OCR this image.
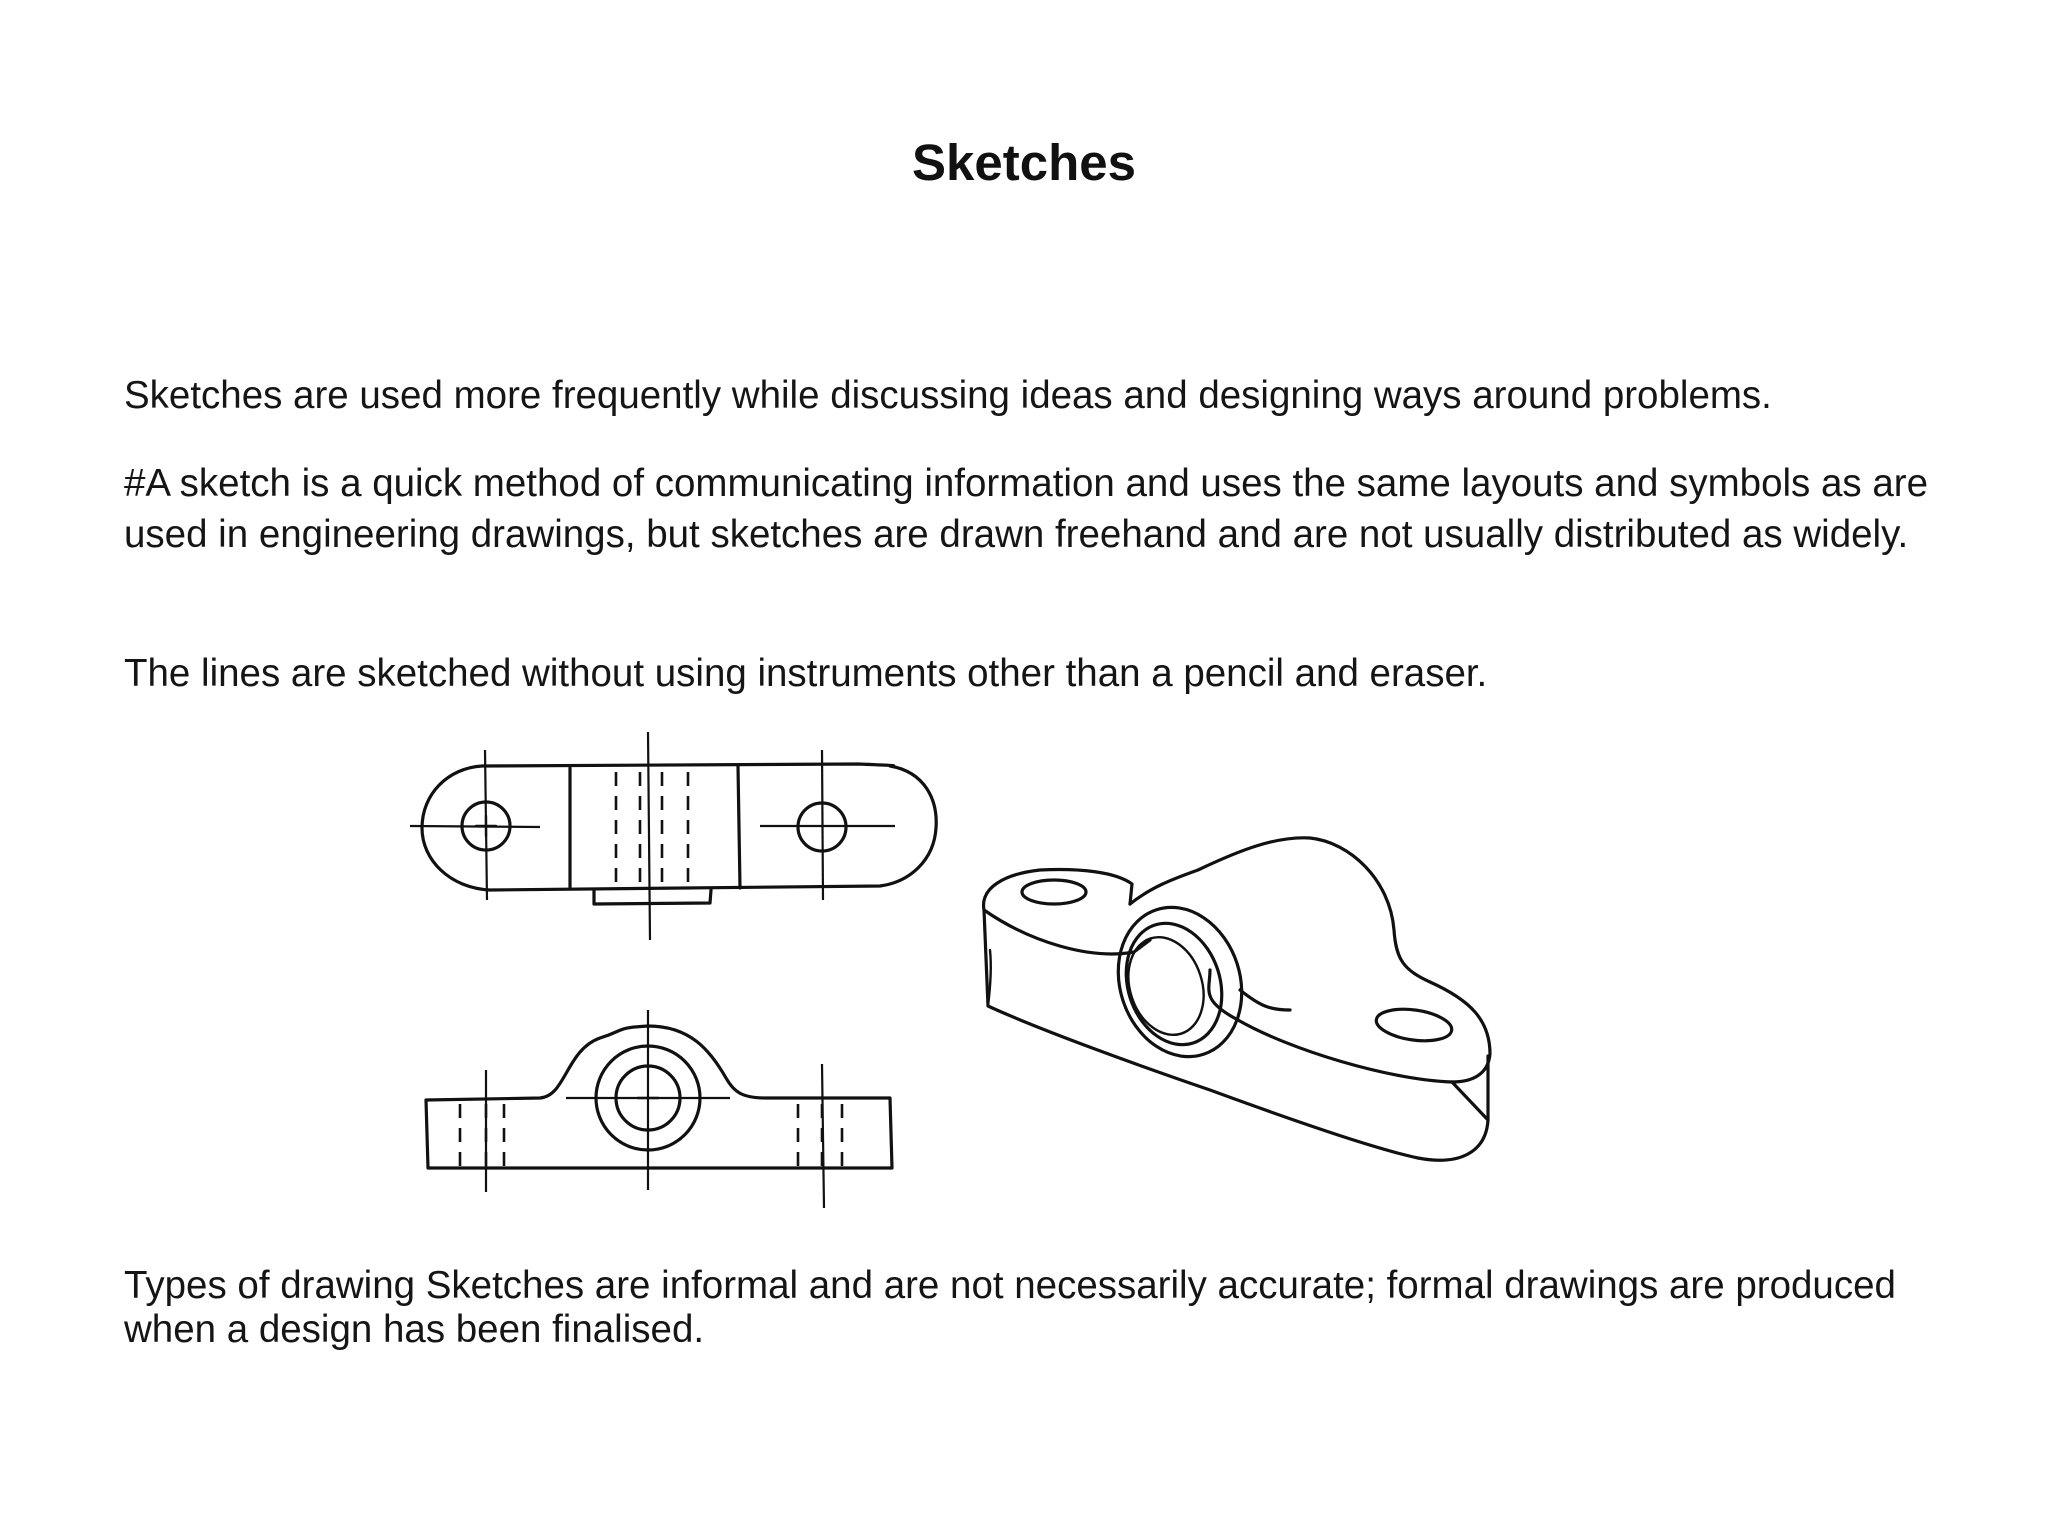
Sketches

Sketches are used more frequently while discussing ideas and designing ways around problems.

#A sketch is a quick method of communicating information and uses the same layouts and symbols as are used in engineering drawings, but sketches are drawn freehand and are not usually distributed as widely.

The lines are sketched without using instruments other than a pencil and eraser.

Types of drawing Sketches are informal and are not necessarily accurate; formal drawings are produced when a design has been finalised.
